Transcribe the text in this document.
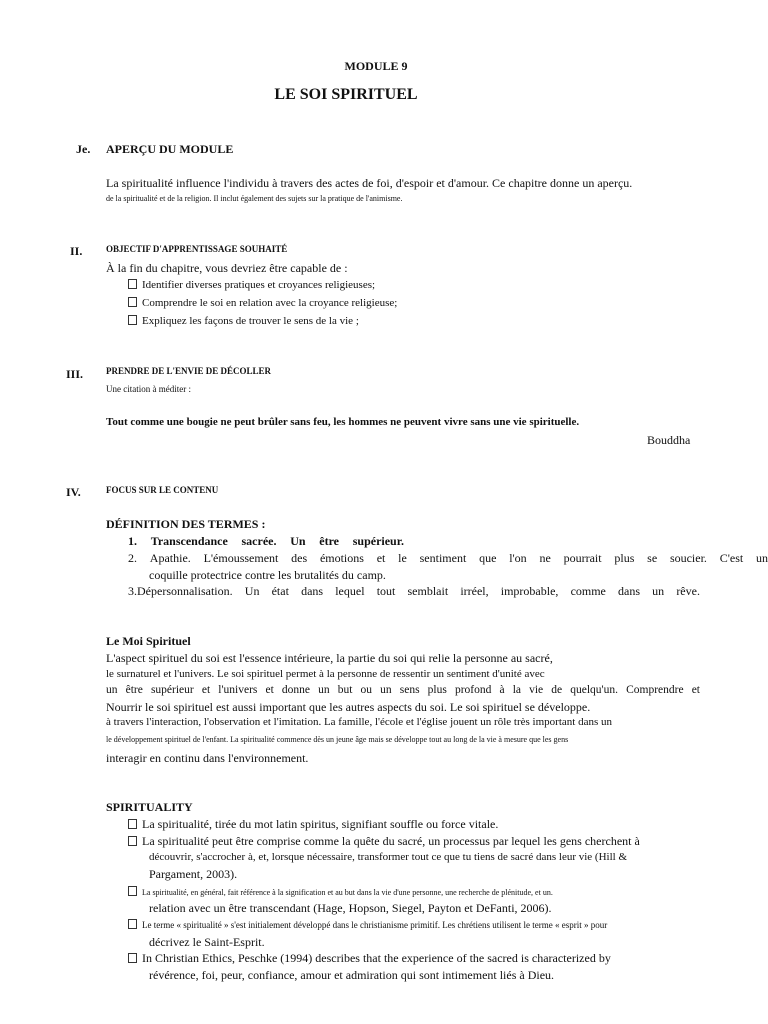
MODULE 9
LE SOI SPIRITUEL
Je. APERÇU DU MODULE
La spiritualité influence l'individu à travers des actes de foi, d'espoir et d'amour. Ce chapitre donne un aperçu.
de la spiritualité et de la religion. Il inclut également des sujets sur la pratique de l'animisme.
II.	OBJECTIF D'APPRENTISSAGE SOUHAITÉ
À la fin du chapitre, vous devriez être capable de :
Identifier diverses pratiques et croyances religieuses;
Comprendre le soi en relation avec la croyance religieuse;
Expliquez les façons de trouver le sens de la vie ;
III.	PRENDRE DE L'ENVIE DE DÉCOLLER
Une citation à méditer :
Tout comme une bougie ne peut brûler sans feu, les hommes ne peuvent vivre sans une vie spirituelle.
Bouddha
IV.	FOCUS SUR LE CONTENU
DÉFINITION DES TERMES :
1. Transcendance sacrée. Un être supérieur.
2. Apathie. L'émoussement des émotions et le sentiment que l'on ne pourrait plus se soucier. C'est un
coquille protectrice contre les brutalités du camp.
3.Dépersonnalisation. Un état dans lequel tout semblait irréel, improbable, comme dans un rêve.
Le Moi Spirituel
L'aspect spirituel du soi est l'essence intérieure, la partie du soi qui relie la personne au sacré,
le surnaturel et l'univers. Le soi spirituel permet à la personne de ressentir un sentiment d'unité avec
un être supérieur et l'univers et donne un but ou un sens plus profond à la vie de quelqu'un. Comprendre et
Nourrir le soi spirituel est aussi important que les autres aspects du soi. Le soi spirituel se développe.
à travers l'interaction, l'observation et l'imitation. La famille, l'école et l'église jouent un rôle très important dans un
le développement spirituel de l'enfant. La spiritualité commence dès un jeune âge mais se développe tout au long de la vie à mesure que les gens
interagir en continu dans l'environnement.
SPIRITUALITY
La spiritualité, tirée du mot latin spiritus, signifiant souffle ou force vitale.
La spiritualité peut être comprise comme la quête du sacré, un processus par lequel les gens cherchent à
découvrir, s'accrocher à, et, lorsque nécessaire, transformer tout ce que tu tiens de sacré dans leur vie (Hill &
Pargament, 2003).
La spiritualité, en général, fait référence à la signification et au but dans la vie d'une personne, une recherche de plénitude, et un.
relation avec un être transcendant (Hage, Hopson, Siegel, Payton et DeFanti, 2006).
Le terme « spiritualité » s'est initialement développé dans le christianisme primitif. Les chrétiens utilisent le terme « esprit » pour
décrivez le Saint-Esprit.
In Christian Ethics, Peschke (1994) describes that the experience of the sacred is characterized by
révérence, foi, peur, confiance, amour et admiration qui sont intimement liés à Dieu.
